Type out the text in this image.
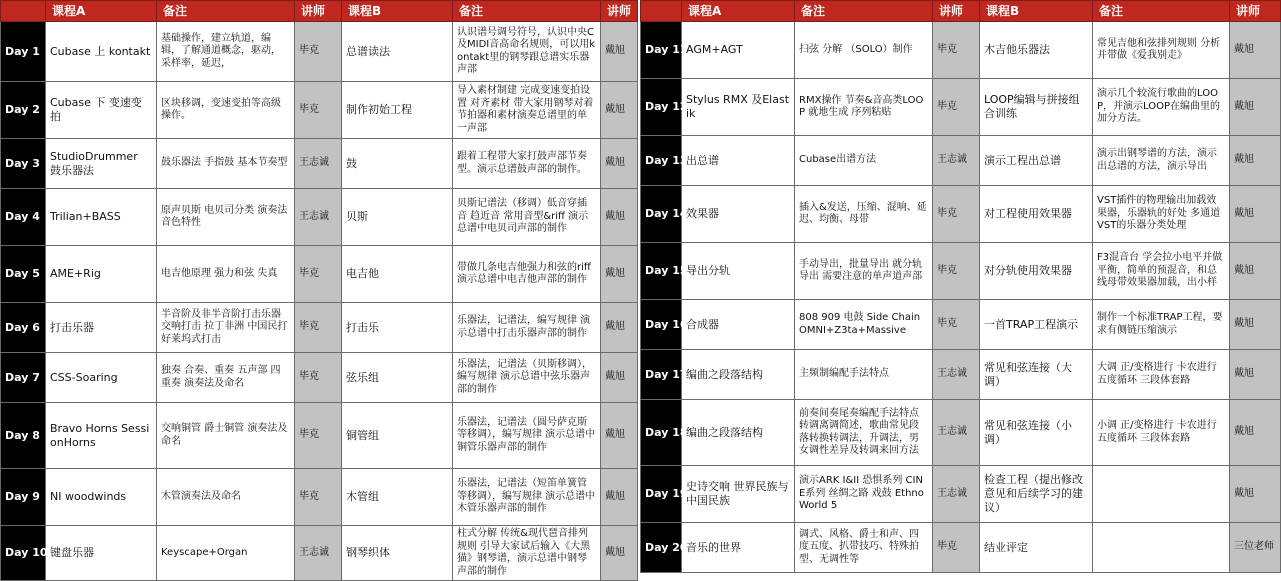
	课程A	备注	讲师	课程B	备注	讲师
Day 1	Cubase 上 kontakt	基础操作，建立轨道，编辑，了解通道概念，驱动，采样率，延迟，	毕克	总谱读法	认识谱号调号符号，认识中央C及MIDI音高命名规则，可以用kontakt里的钢琴跟总谱实乐器声部	戴旭
Day 2	Cubase 下 变速变拍	区块移调，变速变拍等高级操作。	毕克	制作初始工程	导入素材制建 完成变速变拍设置 对齐素材 带大家用钢琴对着节拍器和素材演奏总谱里的单一声部	戴旭
Day 3	StudioDrummer 鼓乐器法	鼓乐器法 手指鼓 基本节奏型	王志诚	鼓	跟着工程带大家打鼓声部节奏型。演示总谱鼓声部的制作。	戴旭
Day 4	Trilian+BASS	原声贝斯 电贝司分类 演奏法 音色特性	王志诚	贝斯	贝斯记谱法（移调）低音穿插音 趋近音 常用音型&riff 演示总谱中电贝司声部的制作	戴旭
Day 5	AME+Rig	电吉他原理 强力和弦 失真	毕克	电吉他	带做几条电吉他强力和弦的riff 演示总谱中电吉他声部的制作	戴旭
Day 6	打击乐器	半音阶及非半音阶打击乐器 交响打击 拉丁非洲 中国民打 好莱坞式打击	毕克	打击乐	乐器法，记谱法，编写规律 演示总谱中打击乐器声部的制作	戴旭
Day 7	CSS-Soaring	独奏 合奏、重奏 五声部 四重奏 演奏法及命名	毕克	弦乐组	乐器法，记谱法（贝斯移调），编写规律 演示总谱中弦乐器声部的制作	戴旭
Day 8	Bravo Horns SessionHorns	交响铜管 爵士铜管 演奏法及命名	毕克	铜管组	乐器法，记谱法（圆号萨克斯等移调），编写规律 演示总谱中铜管乐器声部的制作	戴旭
Day 9	NI woodwinds	木管演奏法及命名	毕克	木管组	乐器法，记谱法（短笛单簧管等移调），编写规律 演示总谱中木管乐器声部的制作	戴旭
Day 10	键盘乐器	Keyscape+Organ	王志诚	钢琴织体	柱式分解 传统&现代琶音排列规则 引导大家试后输入《大黑猫》钢琴谱，演示总谱中钢琴声部的制作	戴旭
	课程A	备注	讲师	课程B	备注	讲师
Day 11	AGM+AGT	扫弦 分解 （SOLO）制作	毕克	木吉他乐器法	常见吉他和弦排列规则 分析并带做《爱我别走》	戴旭
Day 12	Stylus RMX 及Elastik	RMX操作 节奏&音高类LOOP 就地生成 序列粘贴	毕克	LOOP编辑与拼接组合训练	演示几个较流行歌曲的LOOP，并演示LOOP在编曲里的加分方法。	戴旭
Day 13	出总谱	Cubase出谱方法	王志诚	演示工程出总谱	演示出钢琴谱的方法，演示出总谱的方法，演示导出	戴旭
Day 14	效果器	插入&发送，压缩、混响、延迟、均衡、母带	毕克	对工程使用效果器	VST插件的物理输出加载效果器，乐器轨的好处 多通道VST的乐器分类处理	戴旭
Day 15	导出分轨	手动导出，批量导出 就分轨导出 需要注意的单声道声部	毕克	对分轨使用效果器	F3混音台 学会拉小电平并做平衡，简单的预混音，和总线母带效果器加载，出小样	戴旭
Day 16	合成器	808 909 电鼓 Side Chain OMNI+Z3ta+Massive	毕克	一首TRAP工程演示	制作一个标准TRAP工程，要求有侧链压缩演示	戴旭
Day 17	编曲之段落结构	主频制编配手法特点	王志诚	常见和弦连接（大调）	大调 正/变格进行 卡农进行 五度循环 三段体套路	戴旭
Day 18	编曲之段落结构	前奏间奏尾奏编配手法特点 转调离调简述，歌曲常见段落转换转调法，升调法，男女调性差异及转调来回方法	王志诚	常见和弦连接（小调）	小调 正/变格进行 卡农进行 五度循环 三段体套路	戴旭
Day 19	史诗交响 世界民族与中国民族	演示ARK I&II 恐惧系列 CINE系列 丝绸之路 戏鼓 Ethno World 5	王志诚	检查工程（提出修改意见和后续学习的建议）		戴旭
Day 20	音乐的世界	调式、风格、爵士和声、四度五度、扒带技巧、特殊拍型、无调性等	毕克	结业评定		三位老师
